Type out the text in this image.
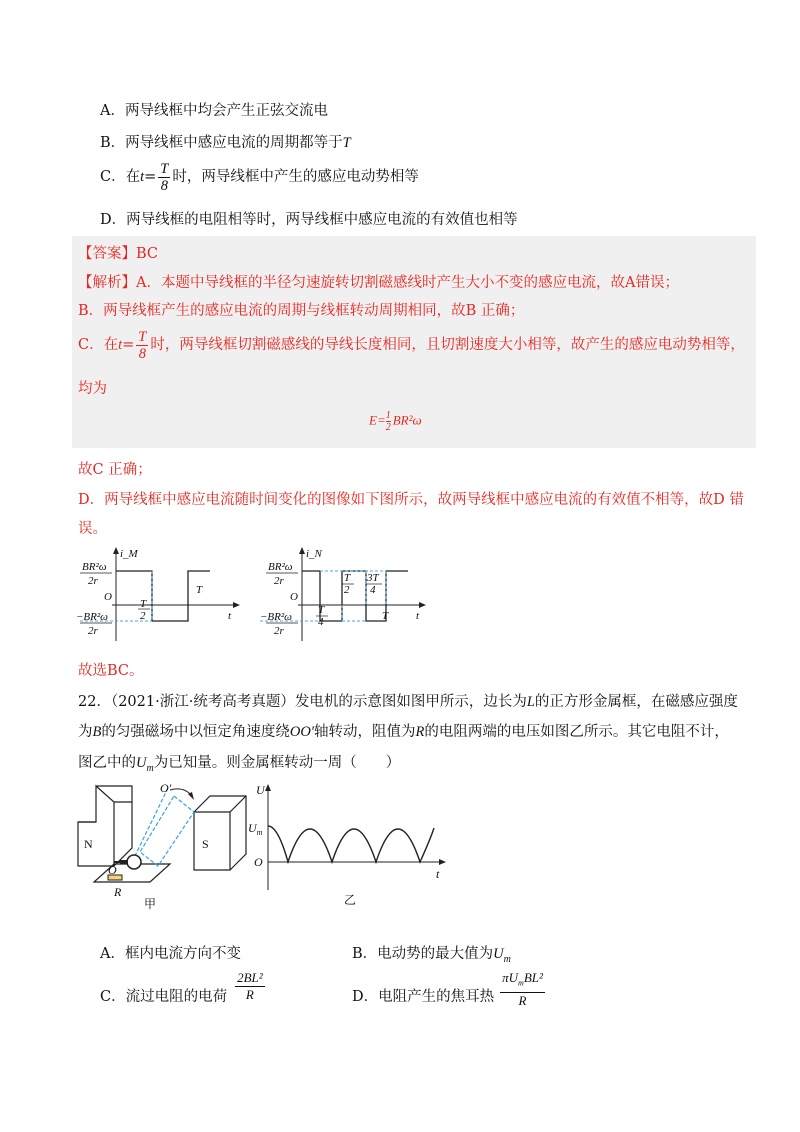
A．两导线框中均会产生正弦交流电
B．两导线框中感应电流的周期都等于T
C．在$t= \frac{T}{8}$ 时，两导线框中产生的感应电动势相等
D．两导线框的电阻相等时，两导线框中感应电流的有效值也相等
【答案】BC
【解析】A．本题中导线框的半径匀速旋转切割磁感线时产生大小不变的感应电流，故A错误；
B．两导线框产生的感应电流的周期与线框转动周期相同，故B 正确；
C．在$t= \frac{T}{8}$ 时，两导线框切割磁感线的导线长度相同，且切割速度大小相等，故产生的感应电动势相等，
均为
$E= \frac{1}{2} BR^2\omega$
故C 正确；
D．两导线框中感应电流随时间变化的图像如下图所示，故两导线框中感应电流的有效值不相等，故D 错
误。
i_M
BR²ω
2r
−BR²ω
2r
O
t
T
2
T
i_N
BR²ω
2r
−BR²ω
2r
O
t
T
4
T
2
3T
4
T
故选BC。
22．（2021·浙江·统考高考真题）发电机的示意图如图甲所示，边长为L的正方形金属框，在磁感应强度
为B的匀强磁场中以恒定角速度绕OO′轴转动，阻值为R的电阻两端的电压如图乙所示。其它电阻不计，
图乙中的$U_m$为已知量。则金属框转动一周（　　）
N	S
O′
O
R
甲
U
$U_m$
O
t
乙
A．框内电流方向不变	B．电动势的最大值为$U_m$
C．流过电阻的电荷 $\frac{\text{2BL²}}{R}$	D．电阻产生的焦耳热 $\frac{\pi U_mBL^2}{R}$
